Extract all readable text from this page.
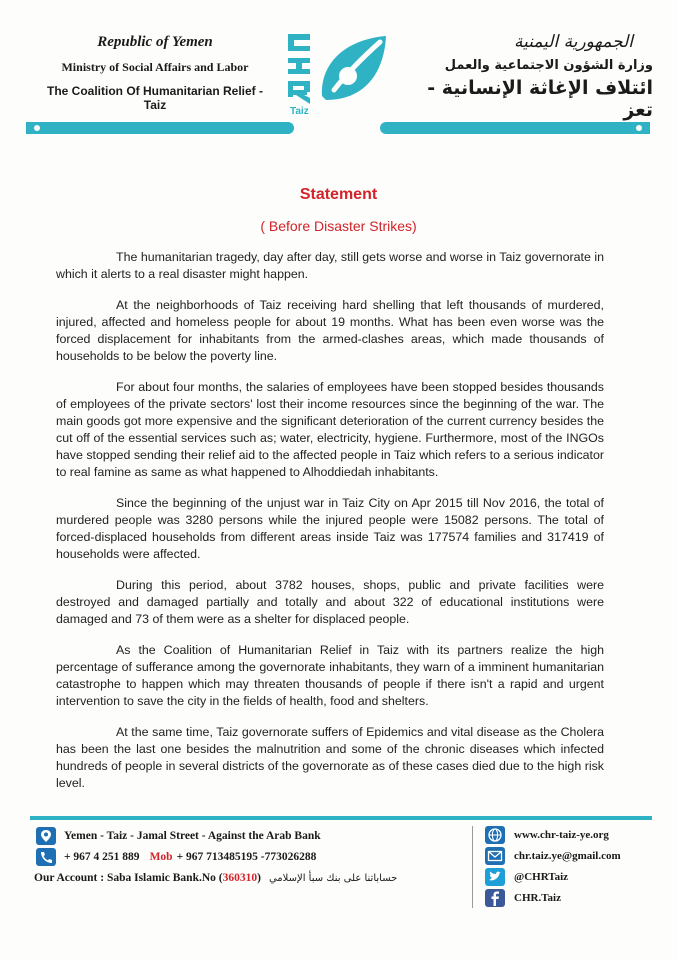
Republic of Yemen
Ministry of Social Affairs and Labor
The Coalition Of Humanitarian Relief - Taiz	Taiz
الجمهورية اليمنية
وزارة الشؤون الاجتماعية والعمل
ائتلاف الإغاثة الإنسانية - تعز
Statement
( Before Disaster Strikes)

The humanitarian tragedy, day after day, still gets worse and worse in Taiz governorate in which it alerts to a real disaster might happen.

At the neighborhoods of Taiz receiving hard shelling that left thousands of murdered, injured, affected and homeless people for about 19 months. What has been even worse was the forced displacement for inhabitants from the armed-clashes areas, which made thousands of households to be below the poverty line.

For about four months, the salaries of employees have been stopped besides thousands of employees of the private sectors' lost their income resources since the beginning of the war. The main goods got more expensive and the significant deterioration of the current currency besides the cut off of the essential services such as; water, electricity, hygiene. Furthermore, most of the INGOs have stopped sending their relief aid to the affected people in Taiz which refers to a serious indicator to real famine as same as what happened to Alhoddiedah inhabitants.

Since the beginning of the unjust war in Taiz City on Apr 2015 till Nov 2016, the total of murdered people was 3280 persons while the injured people were 15082 persons. The total of forced-displaced households from different areas inside Taiz was 177574 families and 317419 of households were affected.

During this period, about 3782 houses, shops, public and private facilities were destroyed and damaged partially and totally and about 322 of educational institutions were damaged and 73 of them were as a shelter for displaced people.

As the Coalition of Humanitarian Relief in Taiz with its partners realize the high percentage of sufferance among the governorate inhabitants, they warn of a imminent humanitarian catastrophe to happen which may threaten thousands of people if there isn't a rapid and urgent intervention to save the city in the fields of health, food and shelters.

At the same time, Taiz governorate suffers of Epidemics and vital disease as the Cholera has been the last one besides the malnutrition and some of the chronic diseases which infected hundreds of people in several districts of the governorate as of these cases died due to the high risk level.

Yemen - Taiz - Jamal Street - Against the Arab Bank
+ 967 4 251 889 Mob + 967 713485195 -773026288
Our Account : Saba Islamic Bank.No ( 360310 ) حساباتنا على بنك سبأ الإسلامي
www.chr-taiz-ye.org
chr.taiz.ye@gmail.com
@CHRTaiz
CHR.Taiz
